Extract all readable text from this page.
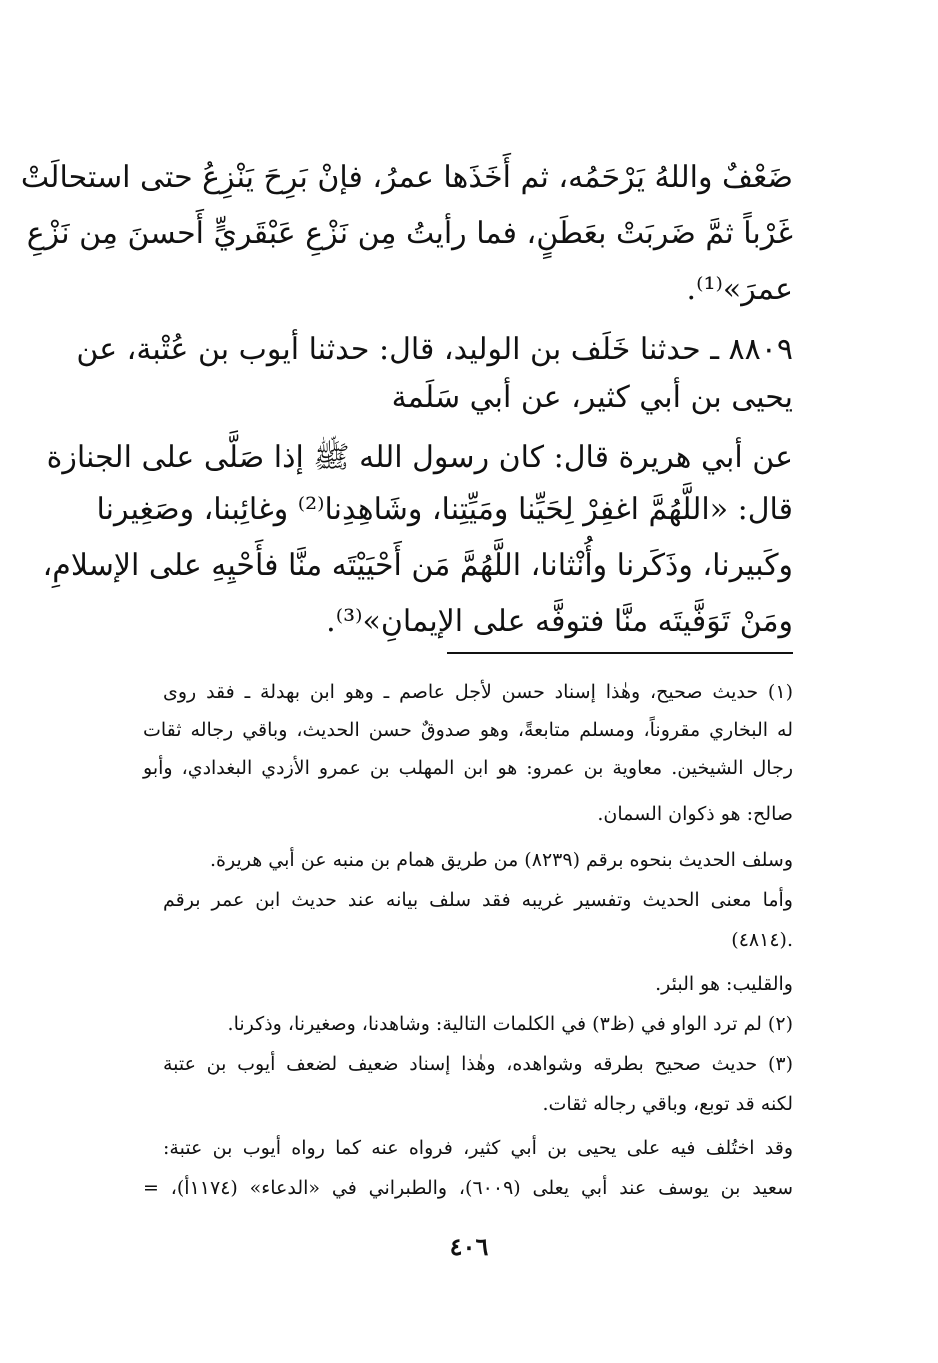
ضَعْفٌ واللهُ يَرْحَمُه، ثم أَخَذَها عمرُ، فإنْ بَرِحَ يَنْزِعُ حتى استحالَتْ
غَرْباً ثمَّ ضَربَتْ بعَطَنٍ، فما رأيتُ مِن نَزْعِ عَبْقَريٍّ أَحسنَ مِن نَزْعِ
عمرَ»⁽¹⁾.
٨٨٠٩ ـ حدثنا خَلَف بن الوليد، قال: حدثنا أيوب بن عُتْبة، عن
يحيى بن أبي كثير، عن أبي سَلَمة
عن أبي هريرة قال: كان رسول الله ﷺ إذا صَلَّى على الجنازة
قال: «اللَّهُمَّ اغفِرْ لِحَيِّنا ومَيِّتِنا، وشَاهِدِنا⁽²⁾ وغائِبنا، وصَغِيرنا
وكَبيرنا، وذَكَرنا وأُنْثانا، اللَّهُمَّ مَن أَحْيَيْتَه منَّا فأَحْيِهِ على الإسلامِ،
ومَنْ تَوَفَّيتَه منَّا فتوفَّه على الإيمانِ»⁽³⁾.
(١) حديث صحيح، وهٰذا إسناد حسن لأجل عاصم ـ وهو ابن بهدلة ـ فقد روى
له البخاري مقروناً، ومسلم متابعةً، وهو صدوقٌ حسن الحديث، وباقي رجاله ثقات
رجال الشيخين. معاوية بن عمرو: هو ابن المهلب بن عمرو الأزدي البغدادي، وأبو
صالح: هو ذكوان السمان.
وسلف الحديث بنحوه برقم (٨٢٣٩) من طريق همام بن منبه عن أبي هريرة.
وأما معنى الحديث وتفسير غريبه فقد سلف بيانه عند حديث ابن عمر برقم
(٤٨١٤).
والقليب: هو البئر.
(٢) لم ترد الواو في (ظ٣) في الكلمات التالية: وشاهدنا، وصغيرنا، وذكرنا.
(٣) حديث صحيح بطرقه وشواهده، وهٰذا إسناد ضعيف لضعف أيوب بن عتبة
لكنه قد توبع، وباقي رجاله ثقات.
وقد اختُلف فيه على يحيى بن أبي كثير، فرواه عنه كما رواه أيوب بن عتبة:
سعيد بن يوسف عند أبي يعلى (٦٠٠٩)، والطبراني في «الدعاء» (١١٧٤أ)، =
٤٠٦
